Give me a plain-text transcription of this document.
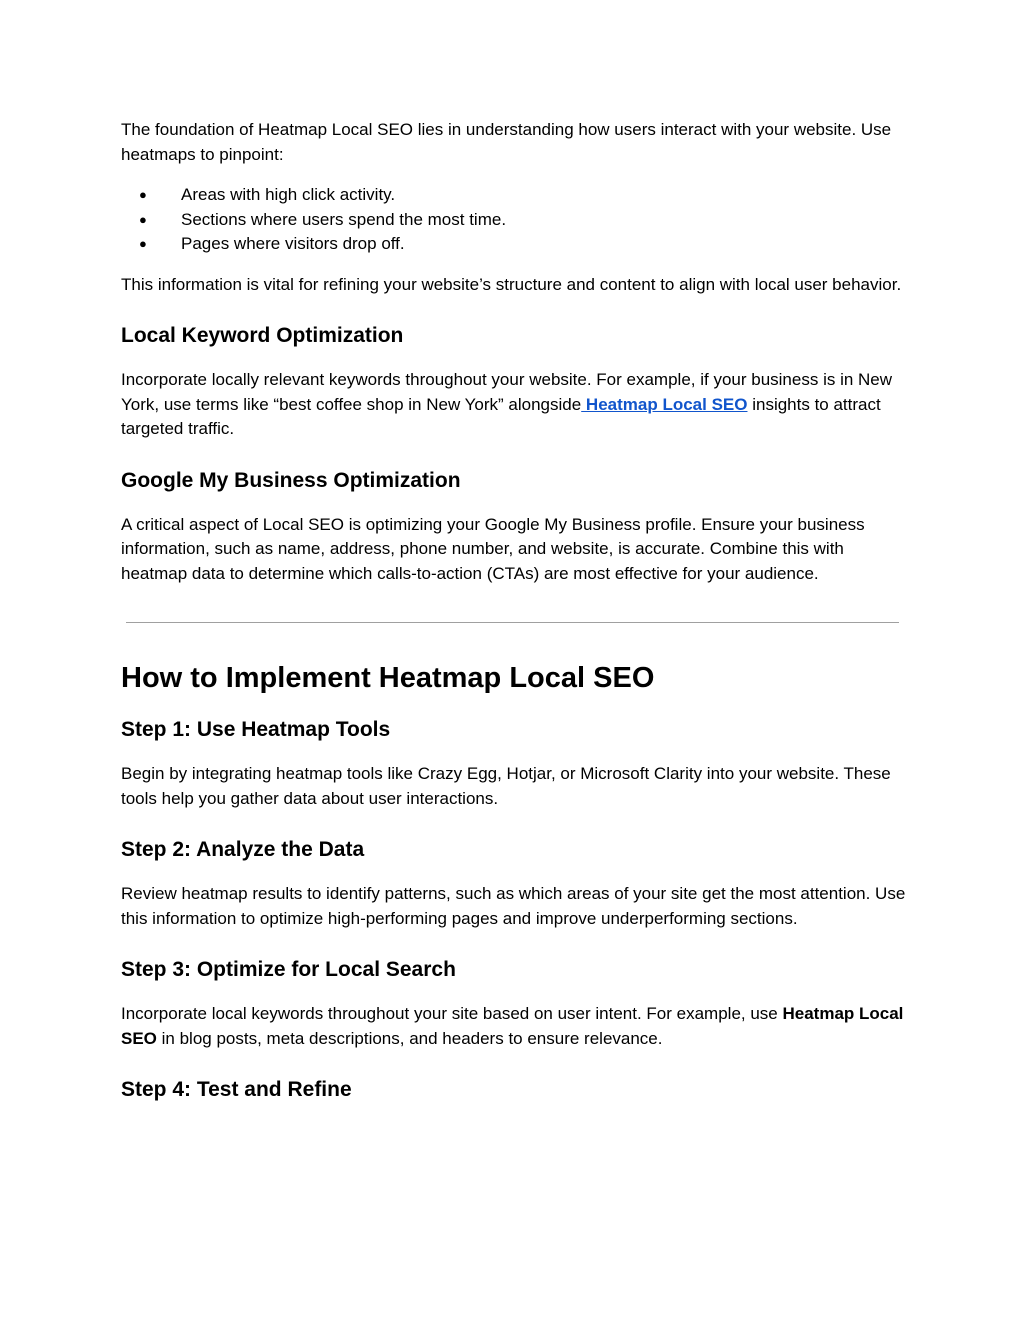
The foundation of Heatmap Local SEO lies in understanding how users interact with your website. Use heatmaps to pinpoint:

● Areas with high click activity.
● Sections where users spend the most time.
● Pages where visitors drop off.

This information is vital for refining your website’s structure and content to align with local user behavior.

Local Keyword Optimization

Incorporate locally relevant keywords throughout your website. For example, if your business is in New York, use terms like “best coffee shop in New York” alongside Heatmap Local SEO insights to attract targeted traffic.

Google My Business Optimization

A critical aspect of Local SEO is optimizing your Google My Business profile. Ensure your business information, such as name, address, phone number, and website, is accurate. Combine this with heatmap data to determine which calls-to-action (CTAs) are most effective for your audience.

How to Implement Heatmap Local SEO
Step 1: Use Heatmap Tools

Begin by integrating heatmap tools like Crazy Egg, Hotjar, or Microsoft Clarity into your website. These tools help you gather data about user interactions.

Step 2: Analyze the Data

Review heatmap results to identify patterns, such as which areas of your site get the most attention. Use this information to optimize high-performing pages and improve underperforming sections.

Step 3: Optimize for Local Search

Incorporate local keywords throughout your site based on user intent. For example, use Heatmap Local SEO in blog posts, meta descriptions, and headers to ensure relevance.

Step 4: Test and Refine
